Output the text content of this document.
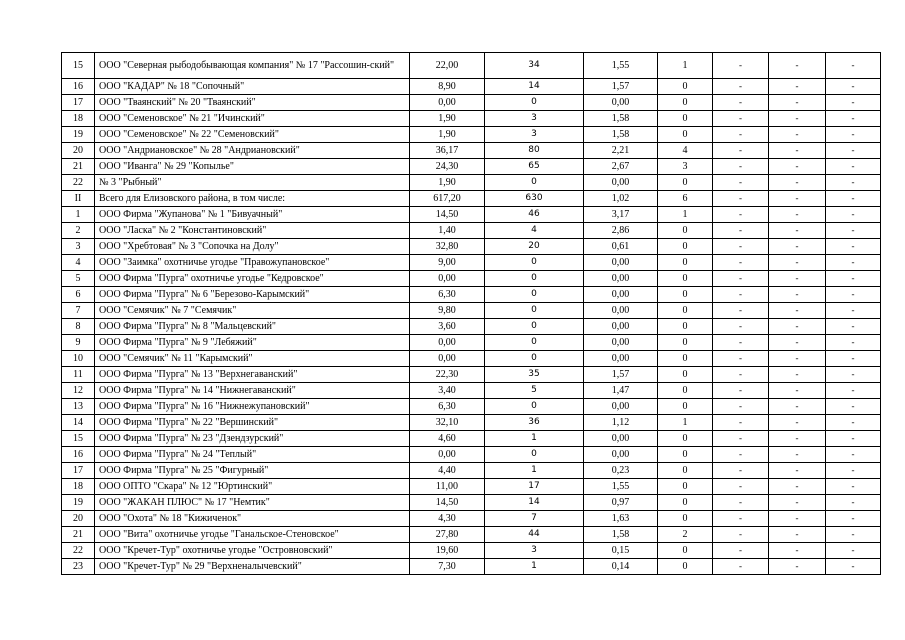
15	ООО "Северная рыбодобывающая компания" № 17 "Рассошин-ский"	22,00	34	1,55	1	-	-	-
16	ООО "КАДАР" № 18 "Сопочный"	8,90	14	1,57	0	-	-	-
17	ООО "Тваянский" № 20 "Тваянский"	0,00	0	0,00	0	-	-	-
18	ООО "Семеновское" № 21 "Ичинский"	1,90	3	1,58	0	-	-	-
19	ООО "Семеновское" № 22 "Семеновский"	1,90	3	1,58	0	-	-	-
20	ООО "Андриановское" № 28 "Андриановский"	36,17	80	2,21	4	-	-	-
21	ООО "Иванга" № 29 "Копылье"	24,30	65	2,67	3	-	-	-
22	№ 3 "Рыбный"	1,90	0	0,00	0	-	-	-
II	Всего для Елизовского района, в том числе:	617,20	630	1,02	6	-	-	-
1	ООО Фирма "Жупанова" № 1 "Бивуачный"	14,50	46	3,17	1	-	-	-
2	ООО "Ласка" № 2 "Константиновский"	1,40	4	2,86	0	-	-	-
3	ООО "Хребтовая" № 3 "Сопочка на Долу"	32,80	20	0,61	0	-	-	-
4	ООО "Заимка" охотничье угодье "Правожупановское"	9,00	0	0,00	0	-	-	-
5	ООО Фирма "Пурга" охотничье угодье "Кедровское"	0,00	0	0,00	0	-	-	-
6	ООО Фирма "Пурга" № 6 "Березово-Карымский"	6,30	0	0,00	0	-	-	-
7	ООО "Семячик" № 7 "Семячик"	9,80	0	0,00	0	-	-	-
8	ООО Фирма "Пурга" № 8 "Мальцевский"	3,60	0	0,00	0	-	-	-
9	ООО Фирма "Пурга" № 9 "Лебяжий"	0,00	0	0,00	0	-	-	-
10	ООО "Семячик" № 11 "Карымский"	0,00	0	0,00	0	-	-	-
11	ООО Фирма "Пурга" № 13 "Верхнегаванский"	22,30	35	1,57	0	-	-	-
12	ООО Фирма "Пурга" № 14 "Нижнегаванский"	3,40	5	1,47	0	-	-	-
13	ООО Фирма "Пурга" № 16 "Нижнежупановский"	6,30	0	0,00	0	-	-	-
14	ООО Фирма "Пурга" № 22 "Вершинский"	32,10	36	1,12	1	-	-	-
15	ООО Фирма "Пурга" № 23 "Дзендзурский"	4,60	1	0,00	0	-	-	-
16	ООО Фирма "Пурга" № 24 "Теплый"	0,00	0	0,00	0	-	-	-
17	ООО Фирма "Пурга" № 25 "Фигурный"	4,40	1	0,23	0	-	-	-
18	ООО ОПТО "Скара" № 12 "Юртинский"	11,00	17	1,55	0	-	-	-
19	ООО "ЖАКАН ПЛЮС" № 17 "Немтик"	14,50	14	0,97	0	-	-	-
20	ООО "Охота" № 18 "Кижиченок"	4,30	7	1,63	0	-	-	-
21	ООО "Вита" охотничье угодье "Ганальское-Стеновское"	27,80	44	1,58	2	-	-	-
22	ООО "Кречет-Тур" охотничье угодье "Островновский"	19,60	3	0,15	0	-	-	-
23	ООО "Кречет-Тур" № 29 "Верхненалычевский"	7,30	1	0,14	0	-	-	-
